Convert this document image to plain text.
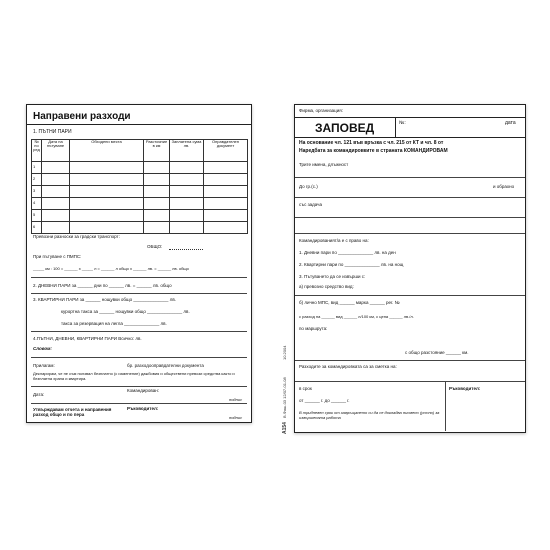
Направени разходи
1. ПЪТНИ ПАРИ
№ по ред	Дата на пътуване	Обходени места	Разстояние в км	Заплатена сума лв.	Оправдателен документ
1					
2					
3					
4					
5					
6					
Превозни разноски за градски транспорт:
ОБЩО:
При пътуване с ПМПС:
_____ км : 100 = ______ х _____ л = ______ л общо х ______ лв. = ______ лв. общо
2. ДНЕВНИ ПАРИ за ______ дни по ______ лв. = ______ лв. общо
3. КВАРТИРНИ ПАРИ за ______ нощувки общо ______________ лв.
курортна такса за ______ нощувки общо ______________ лв.
такса за резервация на легла ______________ лв.
4.ПЪТНИ, ДНЕВНИ, КВАРТИРНИ ПАРИ Всичко: лв.
Словом:
Прилагам:	бр. разходооправдателни документа
Декларирам, че не съм ползвал безплатно (с изменение) дажбовия и обществени превози средства както и безплатна храна и квартира.
Дата:
Командирован:
подпис
Утвърждавам отчета и направения разход общо и по пера
Ръководител:
подпис
Фирма, организация:
ЗАПОВЕД	№:	дата
На основание чл. 121 във връзка с чл. 215 от КТ и чл. 8 от
Наредбата за командировките в страната КОМАНДИРОВАМ
Трите имена, длъжност
До гр.(с.)	и обраxно
със задача
Командированият/а е с право на:
1. Дневни пари по ______________ лв. на ден
2. Квартирни пари по ______________ лв. на нощ
3. Пътуването да се извърши с:
а) превозно средство вид:
б) личнo МПС, вид ______ марка ______ рег. №
с разход на ______ вид ______ л/100 км, с цена ______ лв./л.
по маршрута:
с общо разстояние ______ км.
Разходите за командировката са за сметка на:
в срок	Ръководител:
от ______ г. до ______ г.
В тридневен срок от завръщането си да се докладва писмено (устно) за извършената работа
А154
В.Фаш-03 12/07-01-08
10.2004
